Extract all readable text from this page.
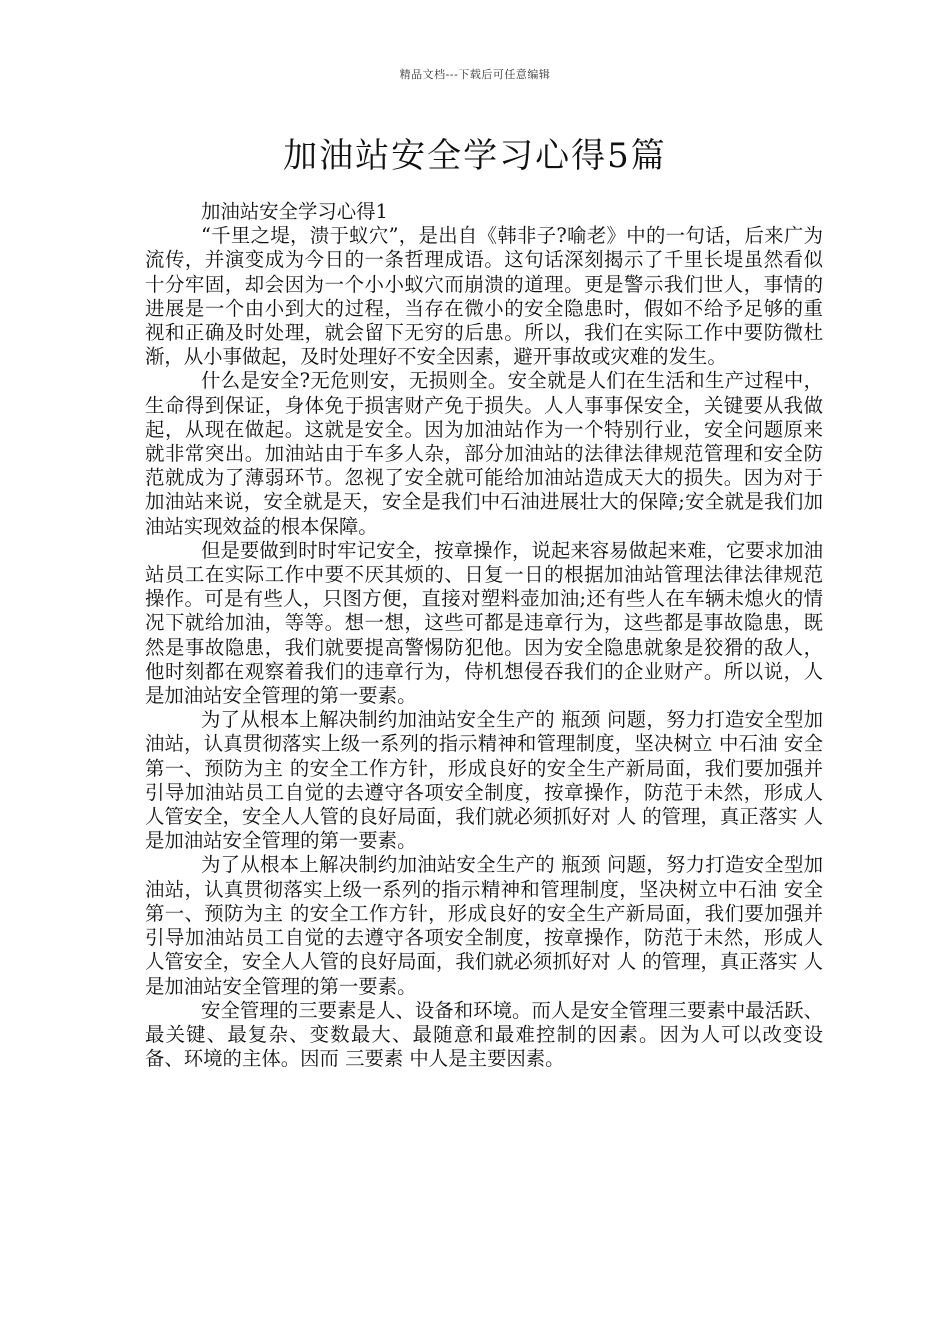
精品文档---下载后可任意编辑
加油站安全学习心得5篇

加油站安全学习心得1

“千里之堤，溃于蚁穴”，是出自《韩非子?喻老》中的一句话，后来广为流传，并演变成为今日的一条哲理成语。这句话深刻揭示了千里长堤虽然看似十分牢固，却会因为一个小小蚁穴而崩溃的道理。更是警示我们世人，事情的进展是一个由小到大的过程，当存在微小的安全隐患时，假如不给予足够的重视和正确及时处理，就会留下无穷的后患。所以，我们在实际工作中要防微杜渐，从小事做起，及时处理好不安全因素，避开事故或灾难的发生。

什么是安全?无危则安，无损则全。安全就是人们在生活和生产过程中，生命得到保证，身体免于损害财产免于损失。人人事事保安全，关键要从我做起，从现在做起。这就是安全。因为加油站作为一个特别行业，安全问题原来就非常突出。加油站由于车多人杂，部分加油站的法律法律规范管理和安全防范就成为了薄弱环节。忽视了安全就可能给加油站造成天大的损失。因为对于加油站来说，安全就是天，安全是我们中石油进展壮大的保障;安全就是我们加油站实现效益的根本保障。

但是要做到时时牢记安全，按章操作，说起来容易做起来难，它要求加油站员工在实际工作中要不厌其烦的、日复一日的根据加油站管理法律法律规范操作。可是有些人，只图方便，直接对塑料壶加油;还有些人在车辆未熄火的情况下就给加油，等等。想一想，这些可都是违章行为，这些都是事故隐患，既然是事故隐患，我们就要提高警惕防犯他。因为安全隐患就象是狡猾的敌人，他时刻都在观察着我们的违章行为，侍机想侵吞我们的企业财产。所以说，人 是加油站安全管理的第一要素。

为了从根本上解决制约加油站安全生产的 瓶颈 问题，努力打造安全型加油站，认真贯彻落实上级一系列的指示精神和管理制度，坚决树立 中石油 安全第一、预防为主 的安全工作方针，形成良好的安全生产新局面，我们要加强并引导加油站员工自觉的去遵守各项安全制度，按章操作，防范于未然，形成人人管安全，安全人人管的良好局面，我们就必须抓好对 人 的管理，真正落实 人 是加油站安全管理的第一要素。

为了从根本上解决制约加油站安全生产的 瓶颈 问题，努力打造安全型加油站，认真贯彻落实上级一系列的指示精神和管理制度，坚决树立中石油 安全第一、预防为主 的安全工作方针，形成良好的安全生产新局面，我们要加强并引导加油站员工自觉的去遵守各项安全制度，按章操作，防范于未然，形成人人管安全，安全人人管的良好局面，我们就必须抓好对 人 的管理，真正落实 人 是加油站安全管理的第一要素。

安全管理的三要素是人、设备和环境。而人是安全管理三要素中最活跃、最关键、最复杂、变数最大、最随意和最难控制的因素。因为人可以改变设备、环境的主体。因而 三要素 中人是主要因素。
